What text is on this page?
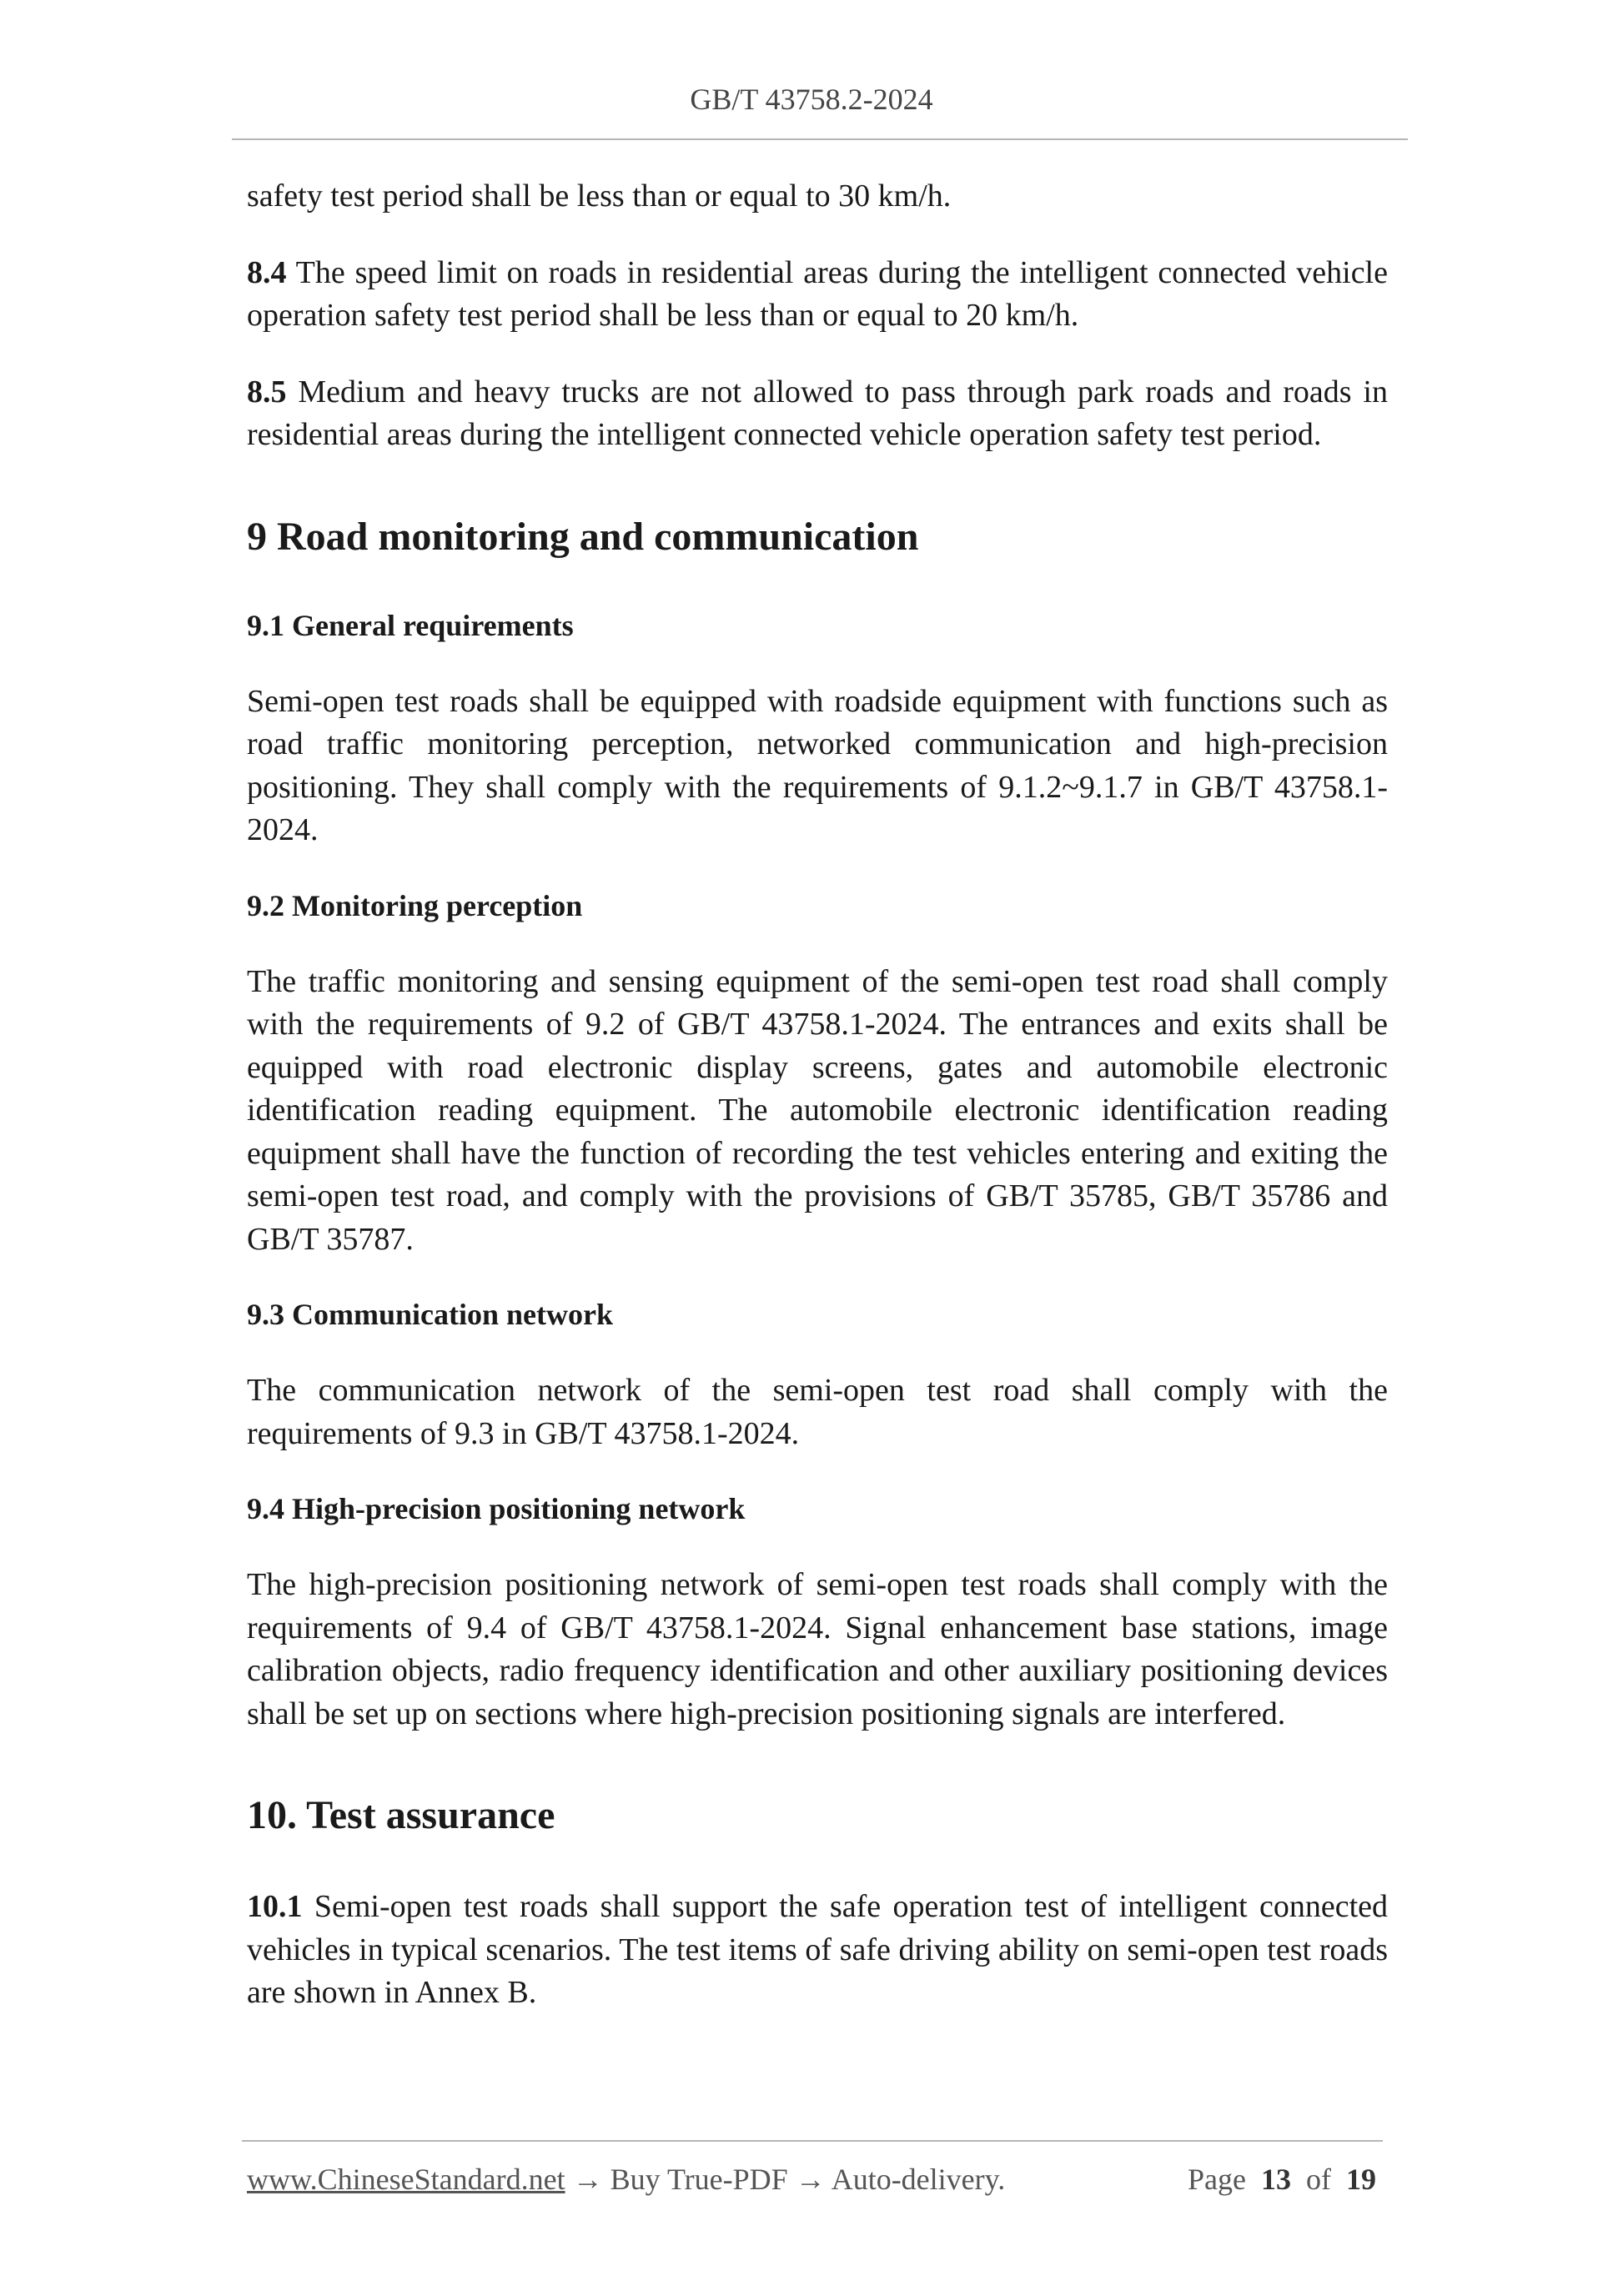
GB/T 43758.2-2024

safety test period shall be less than or equal to 30 km/h.

8.4 The speed limit on roads in residential areas during the intelligent connected vehicle operation safety test period shall be less than or equal to 20 km/h.

8.5 Medium and heavy trucks are not allowed to pass through park roads and roads in residential areas during the intelligent connected vehicle operation safety test period.

9 Road monitoring and communication
9.1 General requirements

Semi-open test roads shall be equipped with roadside equipment with functions such as road traffic monitoring perception, networked communication and high-precision positioning. They shall comply with the requirements of 9.1.2~9.1.7 in GB/T 43758.1-2024.

9.2 Monitoring perception

The traffic monitoring and sensing equipment of the semi-open test road shall comply with the requirements of 9.2 of GB/T 43758.1-2024. The entrances and exits shall be equipped with road electronic display screens, gates and automobile electronic identification reading equipment. The automobile electronic identification reading equipment shall have the function of recording the test vehicles entering and exiting the semi-open test road, and comply with the provisions of GB/T 35785, GB/T 35786 and GB/T 35787.

9.3 Communication network

The communication network of the semi-open test road shall comply with the requirements of 9.3 in GB/T 43758.1-2024.

9.4 High-precision positioning network

The high-precision positioning network of semi-open test roads shall comply with the requirements of 9.4 of GB/T 43758.1-2024. Signal enhancement base stations, image calibration objects, radio frequency identification and other auxiliary positioning devices shall be set up on sections where high-precision positioning signals are interfered.

10. Test assurance

10.1 Semi-open test roads shall support the safe operation test of intelligent connected vehicles in typical scenarios. The test items of safe driving ability on semi-open test roads are shown in Annex B.

www.ChineseStandard.net → Buy True-PDF → Auto-delivery.	Page 13 of 19
